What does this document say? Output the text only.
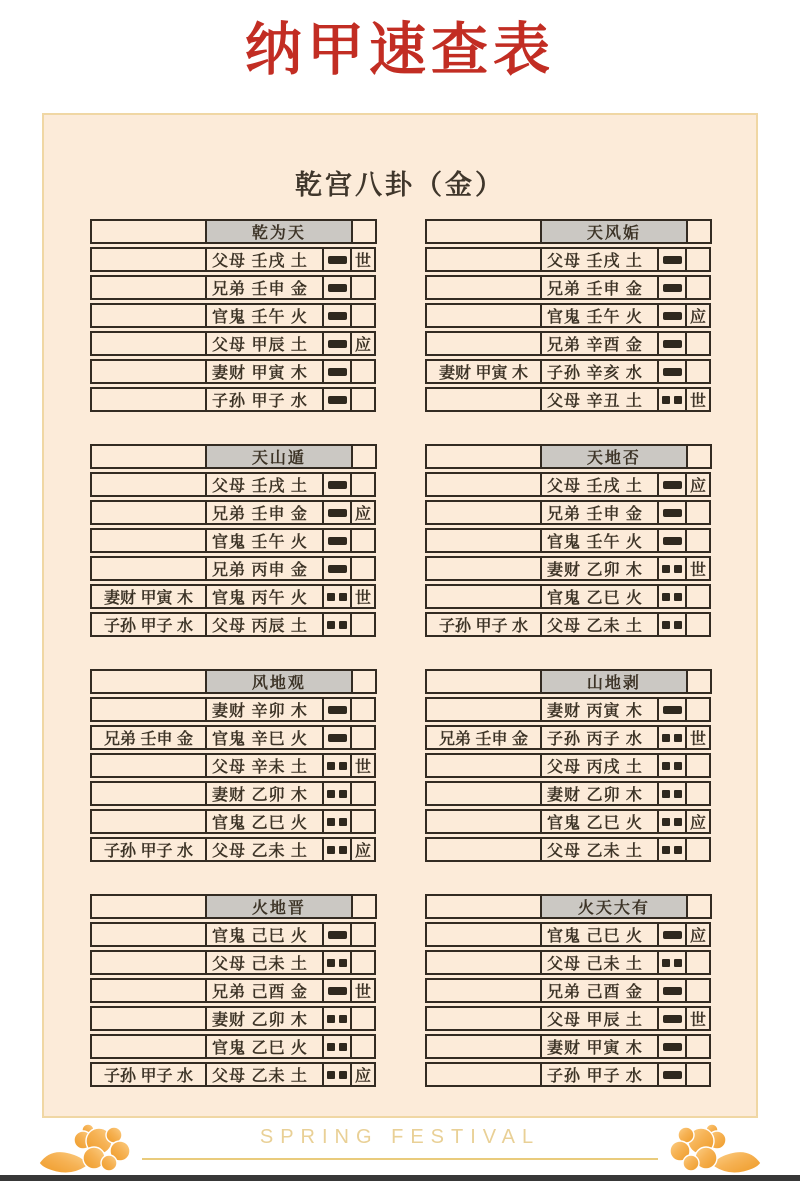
纳甲速查表
乾宫八卦（金）
乾为天
父母 壬戌 土	世
兄弟 壬申 金
官鬼 壬午 火
父母 甲辰 土	应
妻财 甲寅 木
子孙 甲子 水
天风姤
父母 壬戌 土
兄弟 壬申 金
官鬼 壬午 火	应
兄弟 辛酉 金
妻财 甲寅 木	子孙 辛亥 水
父母 辛丑 土	世
天山遁
父母 壬戌 土
兄弟 壬申 金	应
官鬼 壬午 火
兄弟 丙申 金
妻财 甲寅 木	官鬼 丙午 火	世
子孙 甲子 水	父母 丙辰 土
天地否
父母 壬戌 土	应
兄弟 壬申 金
官鬼 壬午 火
妻财 乙卯 木	世
官鬼 乙巳 火
子孙 甲子 水	父母 乙未 土
风地观
妻财 辛卯 木
兄弟 壬申 金	官鬼 辛巳 火
父母 辛未 土	世
妻财 乙卯 木
官鬼 乙巳 火
子孙 甲子 水	父母 乙未 土	应
山地剥
妻财 丙寅 木
兄弟 壬申 金	子孙 丙子 水	世
父母 丙戌 土
妻财 乙卯 木
官鬼 乙巳 火	应
父母 乙未 土
火地晋
官鬼 己巳 火
父母 己未 土
兄弟 己酉 金	世
妻财 乙卯 木
官鬼 乙巳 火
子孙 甲子 水	父母 乙未 土	应
火天大有
官鬼 己巳 火	应
父母 己未 土
兄弟 己酉 金
父母 甲辰 土	世
妻财 甲寅 木
子孙 甲子 水
SPRING FESTIVAL
